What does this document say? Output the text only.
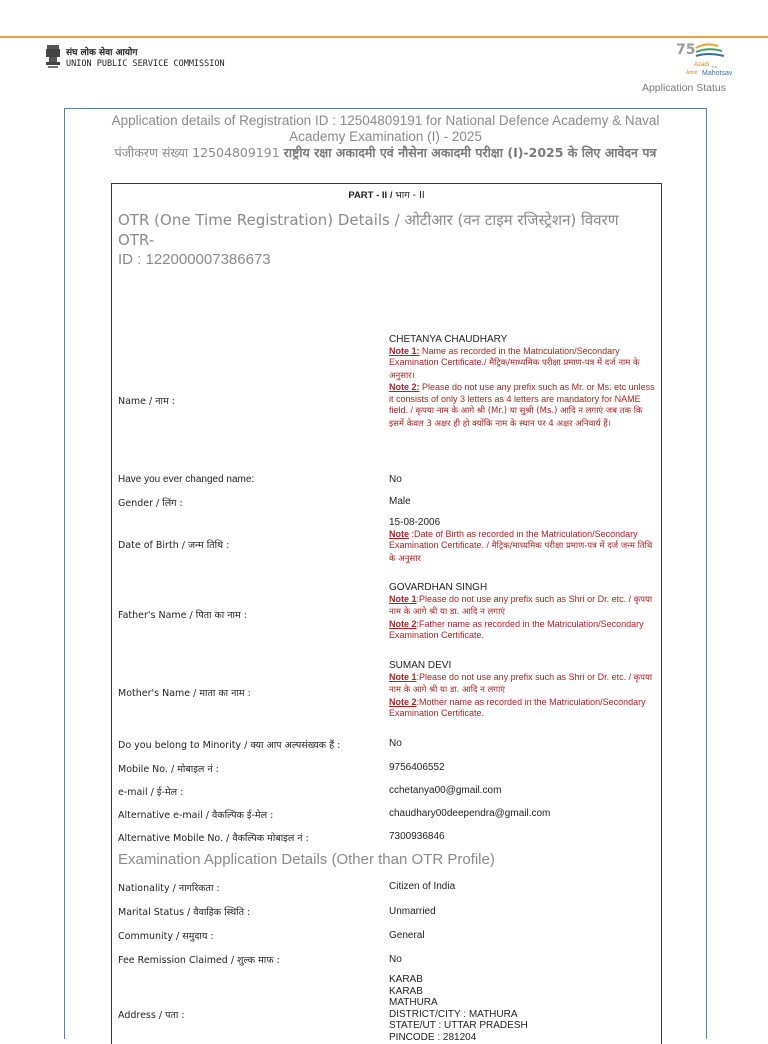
संघ लोक सेवा आयोग
UNION PUBLIC SERVICE COMMISSION
75
Azadi Ka
Amrit Mahotsav
Application Status
Application details of Registration ID : 12504809191 for National Defence Academy & Naval
Academy Examination (I) - 2025
पंजीकरण संख्या 12504809191 राष्ट्रीय रक्षा अकादमी एवं नौसेना अकादमी परीक्षा (I)-2025 के लिए आवेदन पत्र
PART - II / भाग - II
OTR (One Time Registration) Details / ओटीआर (वन टाइम रजिस्ट्रेशन) विवरण OTR-
ID : 122000007386673
Name / नाम :
CHETANYA CHAUDHARY
Note 1: Name as recorded in the Matriculation/Secondary Examination Certificate./ मैट्रिक/माध्यमिक परीक्षा प्रमाण-पत्र में दर्ज नाम के अनुसार।
Note 2: Please do not use any prefix such as Mr. or Ms. etc unless it consists of only 3 letters as 4 letters are mandatory for NAME field. / कृपया नाम के आगे श्री (Mr.) या सुश्री (Ms.) आदि न लगाएं जब तक कि इसमें केवल 3 अक्षर ही हो क्योंकि नाम के स्थान पर 4 अक्षर अनिवार्य हैं।
Have you ever changed name:	No
Gender / लिंग :	Male
Date of Birth / जन्म तिथि :
15-08-2006
Note :Date of Birth as recorded in the Matriculation/Secondary Examination Certificate. / मैट्रिक/माध्यमिक परीक्षा प्रमाण-पत्र में दर्ज जन्म तिथि के अनुसार
Father's Name / पिता का नाम :
GOVARDHAN SINGH
Note 1:Please do not use any prefix such as Shri or Dr. etc. / कृपया नाम के आगे श्री या डा. आदि न लगाएं
Note 2:Father name as recorded in the Matriculation/Secondary Examination Certificate.
Mother's Name / माता का नाम :
SUMAN DEVI
Note 1:Please do not use any prefix such as Shri or Dr. etc. / कृपया नाम के आगे श्री या डा. आदि न लगाएं
Note 2:Mother name as recorded in the Matriculation/Secondary Examination Certificate.
Do you belong to Minority / क्या आप अल्पसंख्यक हैं :	No
Mobile No. / मोबाइल नं :	9756406552
e-mail / ई-मेल :	cchetanya00@gmail.com
Alternative e-mail / वैकल्पिक ई-मेल :	chaudhary00deependra@gmail.com
Alternative Mobile No. / वैकल्पिक मोबाइल नं :	7300936846
Examination Application Details (Other than OTR Profile)
Nationality / नागरिकता :	Citizen of India
Marital Status / वैवाहिक स्थिति :	Unmarried
Community / समुदाय :	General
Fee Remission Claimed / शुल्क माफ :	No
Address / पता :
KARAB
KARAB
MATHURA
DISTRICT/CITY : MATHURA
STATE/UT : UTTAR PRADESH
PINCODE : 281204
